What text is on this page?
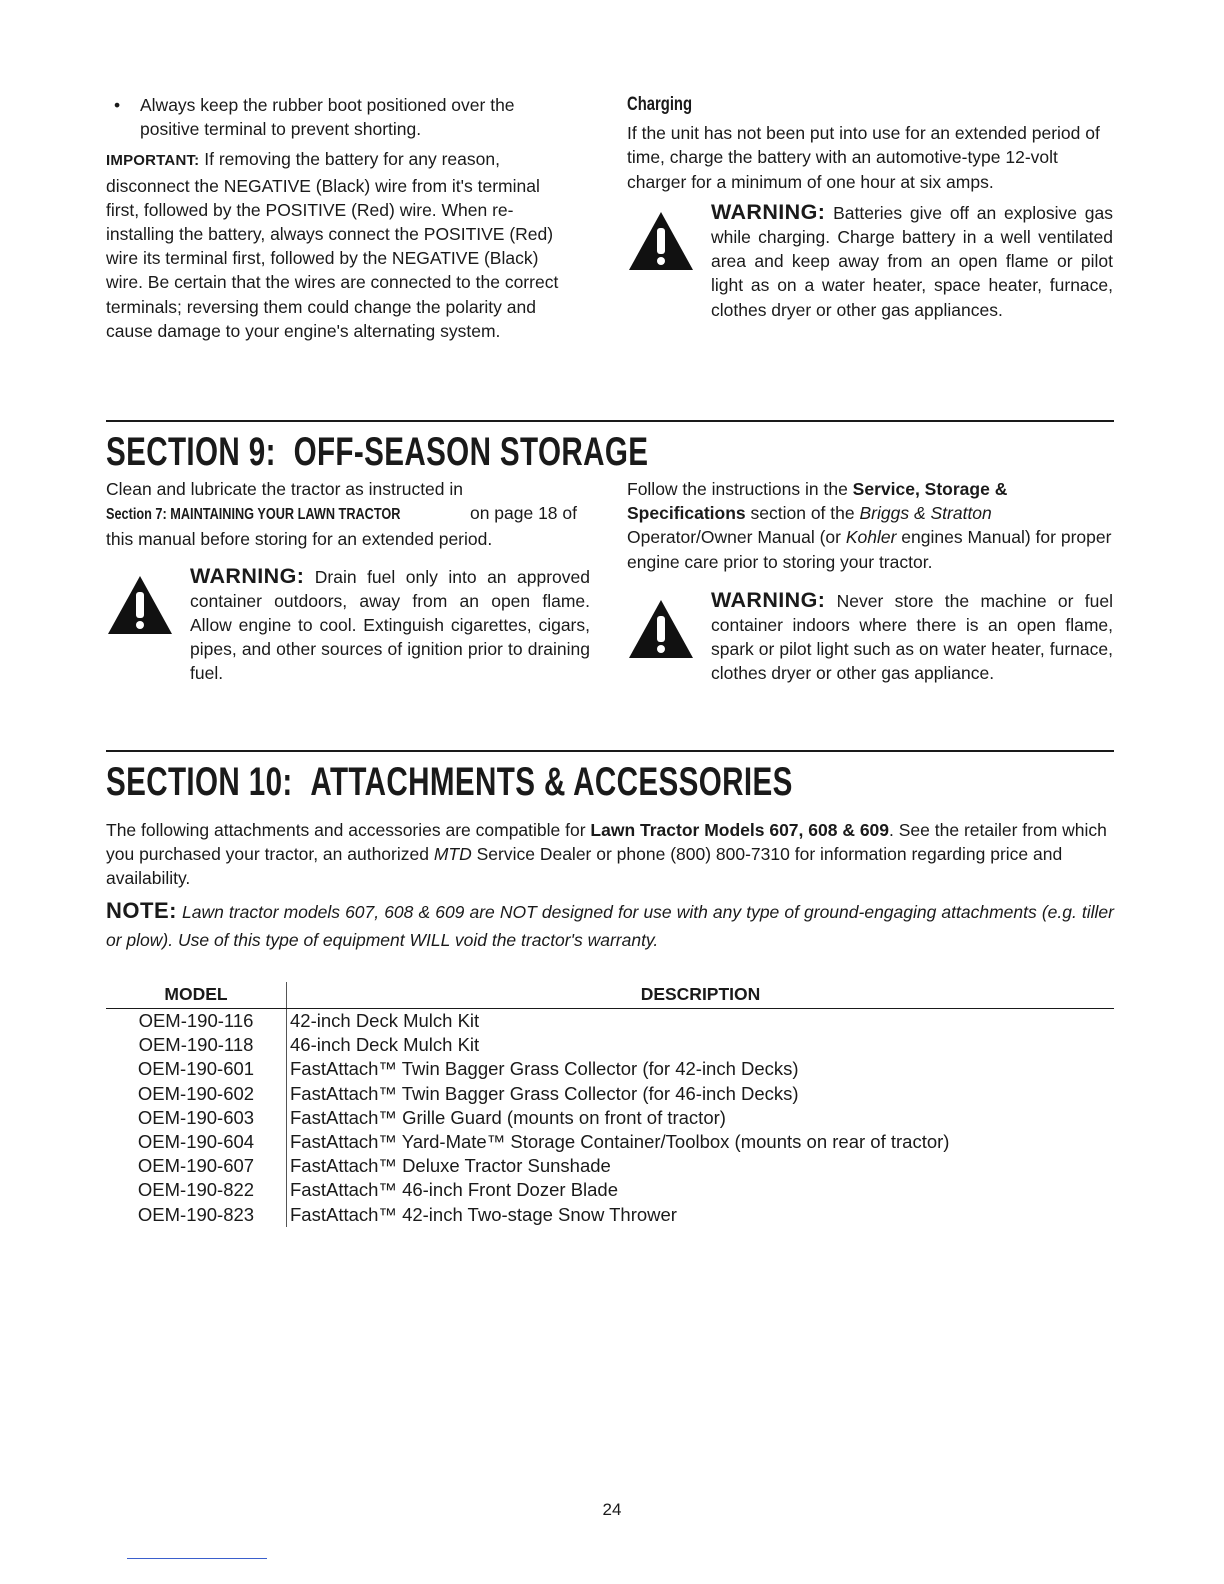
• Always keep the rubber boot positioned over the positive terminal to prevent shorting.

IMPORTANT: If removing the battery for any reason, disconnect the NEGATIVE (Black) wire from it's terminal first, followed by the POSITIVE (Red) wire. When re-installing the battery, always connect the POSITIVE (Red) wire its terminal first, followed by the NEGATIVE (Black) wire. Be certain that the wires are connected to the correct terminals; reversing them could change the polarity and cause damage to your engine's alternating system.

Charging

If the unit has not been put into use for an extended period of time, charge the battery with an automotive-type 12-volt charger for a minimum of one hour at six amps.

WARNING: Batteries give off an explosive gas while charging. Charge battery in a well ventilated area and keep away from an open flame or pilot light as on a water heater, space heater, furnace, clothes dryer or other gas appliances.
SECTION 9: OFF-SEASON STORAGE

Clean and lubricate the tractor as instructed in Section 7: MAINTAINING YOUR LAWN TRACTOR	on page 18 of this manual before storing for an extended period.

WARNING: Drain fuel only into an approved container outdoors, away from an open flame. Allow engine to cool. Extinguish cigarettes, cigars, pipes, and other sources of ignition prior to draining fuel.

Follow the instructions in the Service, Storage & Specifications section of the Briggs & Stratton Operator/Owner Manual (or Kohler engines Manual) for proper engine care prior to storing your tractor.

WARNING: Never store the machine or fuel container indoors where there is an open flame, spark or pilot light such as on water heater, furnace, clothes dryer or other gas appliance.
SECTION 10: ATTACHMENTS & ACCESSORIES

The following attachments and accessories are compatible for Lawn Tractor Models 607, 608 & 609. See the retailer from which you purchased your tractor, an authorized MTD Service Dealer or phone (800) 800-7310 for information regarding price and availability.

NOTE: Lawn tractor models 607, 608 & 609 are NOT designed for use with any type of ground-engaging attachments (e.g. tiller or plow). Use of this type of equipment WILL void the tractor's warranty.

MODEL	DESCRIPTION
OEM-190-116	42-inch Deck Mulch Kit
OEM-190-118	46-inch Deck Mulch Kit
OEM-190-601	FastAttach™ Twin Bagger Grass Collector (for 42-inch Decks)
OEM-190-602	FastAttach™ Twin Bagger Grass Collector (for 46-inch Decks)
OEM-190-603	FastAttach™ Grille Guard (mounts on front of tractor)
OEM-190-604	FastAttach™ Yard-Mate™ Storage Container/Toolbox (mounts on rear of tractor)
OEM-190-607	FastAttach™ Deluxe Tractor Sunshade
OEM-190-822	FastAttach™ 46-inch Front Dozer Blade
OEM-190-823	FastAttach™ 42-inch Two-stage Snow Thrower
24
